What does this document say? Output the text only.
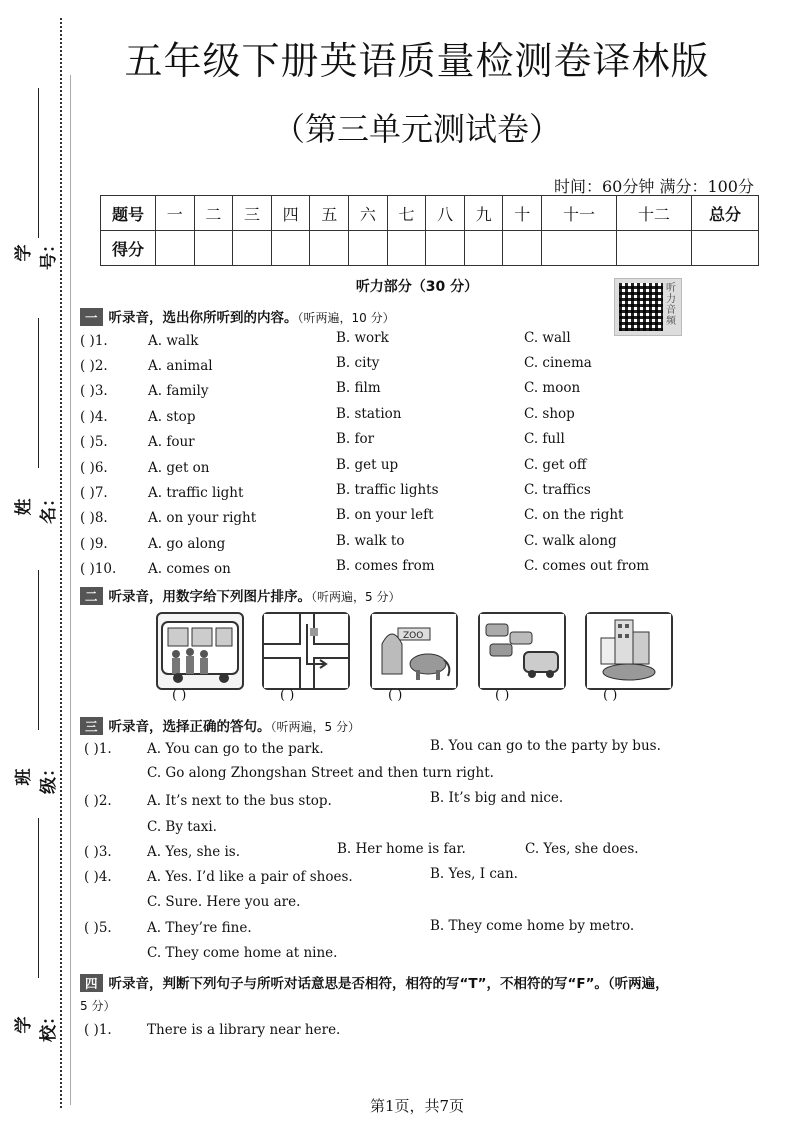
学号：
姓名：
班级：
学校：
五年级下册英语质量检测卷译林版
（第三单元测试卷）
时间：60分钟 满分：100分
题号	一	二	三	四	五	六	七	八	九	十	十一	十二	总分
得分													
听力部分（30 分）	听力音频
一 听录音，选出你所听到的内容。（听两遍，10 分）
( )1.	A. walk	B. work	C. wall
( )2.	A. animal	B. city	C. cinema
( )3.	A. family	B. film	C. moon
( )4.	A. stop	B. station	C. shop
( )5.	A. four	B. for	C. full
( )6.	A. get on	B. get up	C. get off
( )7.	A. traffic light	B. traffic lights	C. traffics
( )8.	A. on your right	B. on your left	C. on the right
( )9.	A. go along	B. walk to	C. walk along
( )10. A. comes on	B. comes from	C. comes out from
二 听录音，用数字给下列图片排序。（听两遍，5 分）
ZOO
( )	( )	( )	( )	( )
三 听录音，选择正确的答句。（听两遍，5 分）
( )1.	A. You can go to the park.	B. You can go to the party by bus.
C. Go along Zhongshan Street and then turn right.
( )2.	A. It’s next to the bus stop.	B. It’s big and nice.
C. By taxi.
( )3.	A. Yes, she is.	B. Her home is far.	C. Yes, she does.
( )4.	A. Yes. I’d like a pair of shoes.	B. Yes, I can.
C. Sure. Here you are.
( )5.	A. They’re fine.	B. They come home by metro.
C. They come home at nine.
四 听录音，判断下列句子与所听对话意思是否相符，相符的写“T”，不相符的写“F”。（听两遍，
5 分）
( )1.	There is a library near here.
第1页，共7页
